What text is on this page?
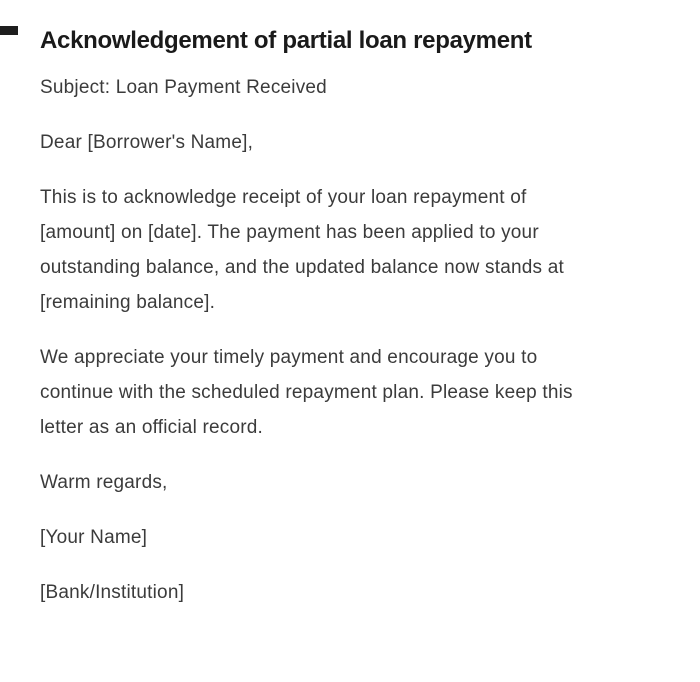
Acknowledgement of partial loan repayment

Subject: Loan Payment Received

Dear [Borrower's Name],

This is to acknowledge receipt of your loan repayment of
[amount] on [date]. The payment has been applied to your
outstanding balance, and the updated balance now stands at
[remaining balance].
We appreciate your timely payment and encourage you to
continue with the scheduled repayment plan. Please keep this
letter as an official record.

Warm regards,

[Your Name]

[Bank/Institution]
